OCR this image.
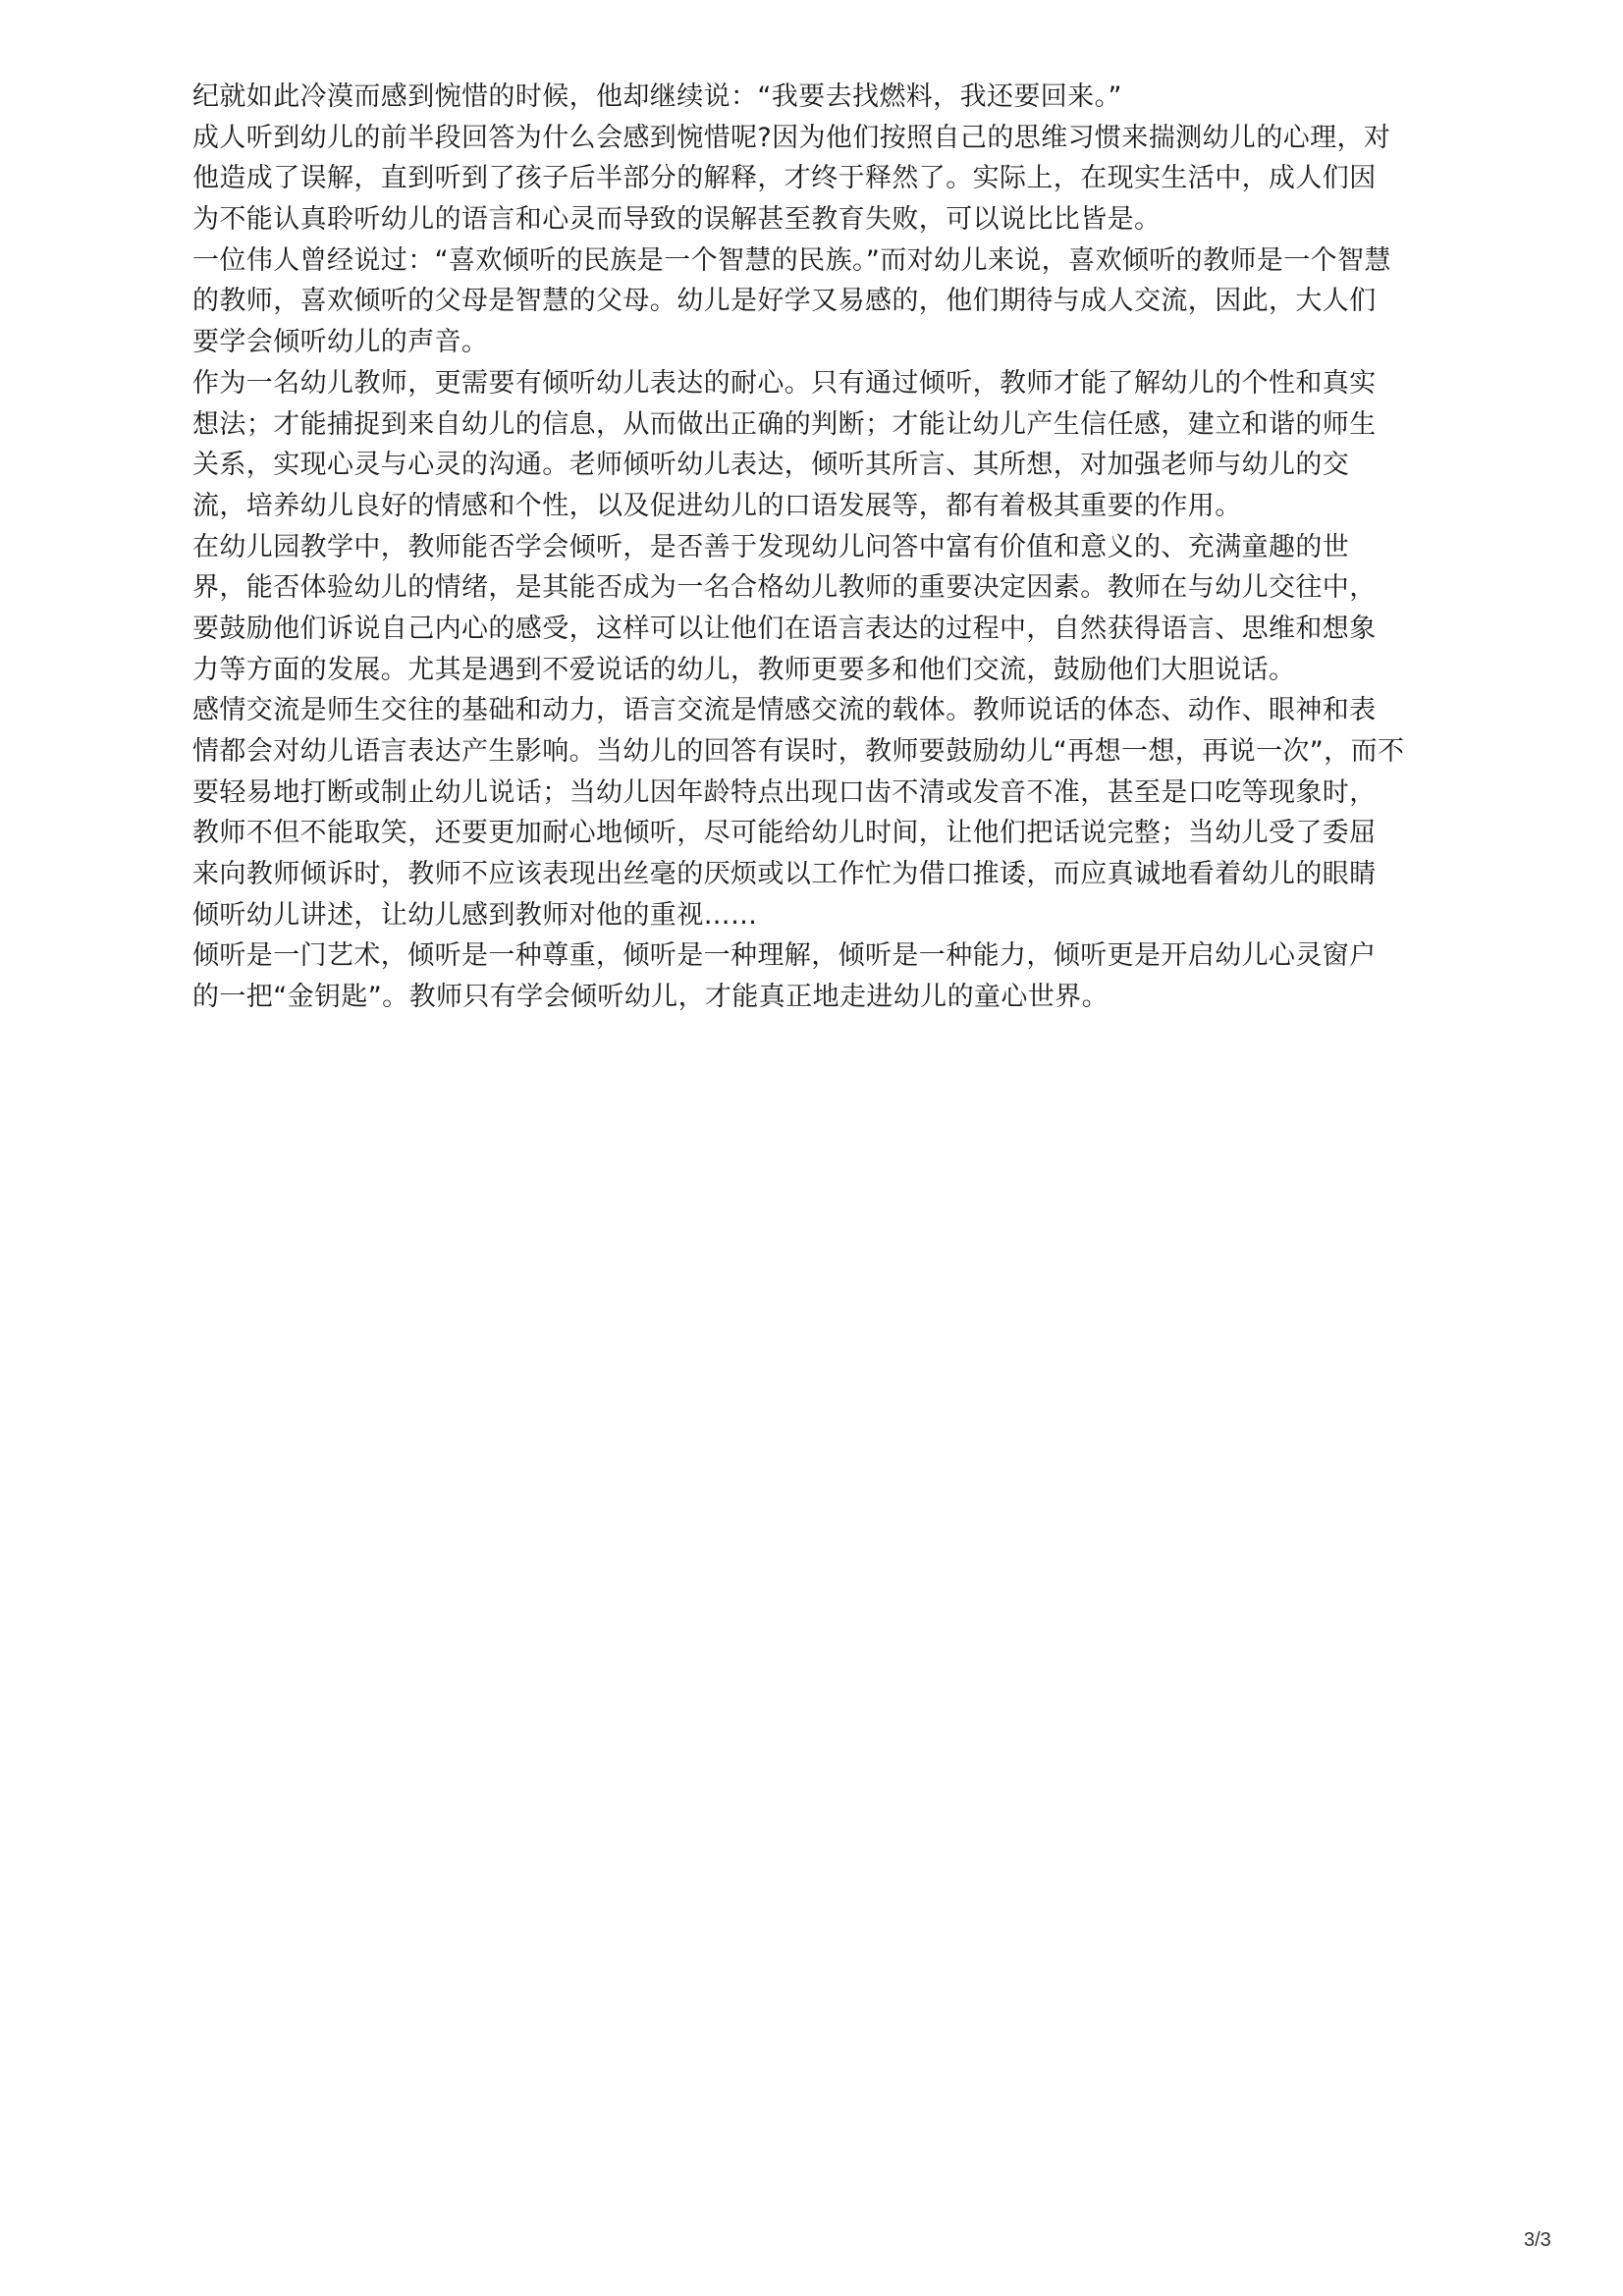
纪就如此冷漠而感到惋惜的时候，他却继续说：“我要去找燃料，我还要回来。”
成人听到幼儿的前半段回答为什么会感到惋惜呢?因为他们按照自己的思维习惯来揣测幼儿的心理，对
他造成了误解，直到听到了孩子后半部分的解释，才终于释然了。实际上，在现实生活中，成人们因
为不能认真聆听幼儿的语言和心灵而导致的误解甚至教育失败，可以说比比皆是。
一位伟人曾经说过：“喜欢倾听的民族是一个智慧的民族。”而对幼儿来说，喜欢倾听的教师是一个智慧
的教师，喜欢倾听的父母是智慧的父母。幼儿是好学又易感的，他们期待与成人交流，因此，大人们
要学会倾听幼儿的声音。
作为一名幼儿教师，更需要有倾听幼儿表达的耐心。只有通过倾听，教师才能了解幼儿的个性和真实
想法；才能捕捉到来自幼儿的信息，从而做出正确的判断；才能让幼儿产生信任感，建立和谐的师生
关系，实现心灵与心灵的沟通。老师倾听幼儿表达，倾听其所言、其所想，对加强老师与幼儿的交
流，培养幼儿良好的情感和个性，以及促进幼儿的口语发展等，都有着极其重要的作用。
在幼儿园教学中，教师能否学会倾听，是否善于发现幼儿问答中富有价值和意义的、充满童趣的世
界，能否体验幼儿的情绪，是其能否成为一名合格幼儿教师的重要决定因素。教师在与幼儿交往中，
要鼓励他们诉说自己内心的感受，这样可以让他们在语言表达的过程中，自然获得语言、思维和想象
力等方面的发展。尤其是遇到不爱说话的幼儿，教师更要多和他们交流，鼓励他们大胆说话。
感情交流是师生交往的基础和动力，语言交流是情感交流的载体。教师说话的体态、动作、眼神和表
情都会对幼儿语言表达产生影响。当幼儿的回答有误时，教师要鼓励幼儿“再想一想，再说一次”，而不
要轻易地打断或制止幼儿说话；当幼儿因年龄特点出现口齿不清或发音不准，甚至是口吃等现象时，
教师不但不能取笑，还要更加耐心地倾听，尽可能给幼儿时间，让他们把话说完整；当幼儿受了委屈
来向教师倾诉时，教师不应该表现出丝毫的厌烦或以工作忙为借口推诿，而应真诚地看着幼儿的眼睛
倾听幼儿讲述，让幼儿感到教师对他的重视……
倾听是一门艺术，倾听是一种尊重，倾听是一种理解，倾听是一种能力，倾听更是开启幼儿心灵窗户
的一把“金钥匙”。教师只有学会倾听幼儿，才能真正地走进幼儿的童心世界。
3/3
